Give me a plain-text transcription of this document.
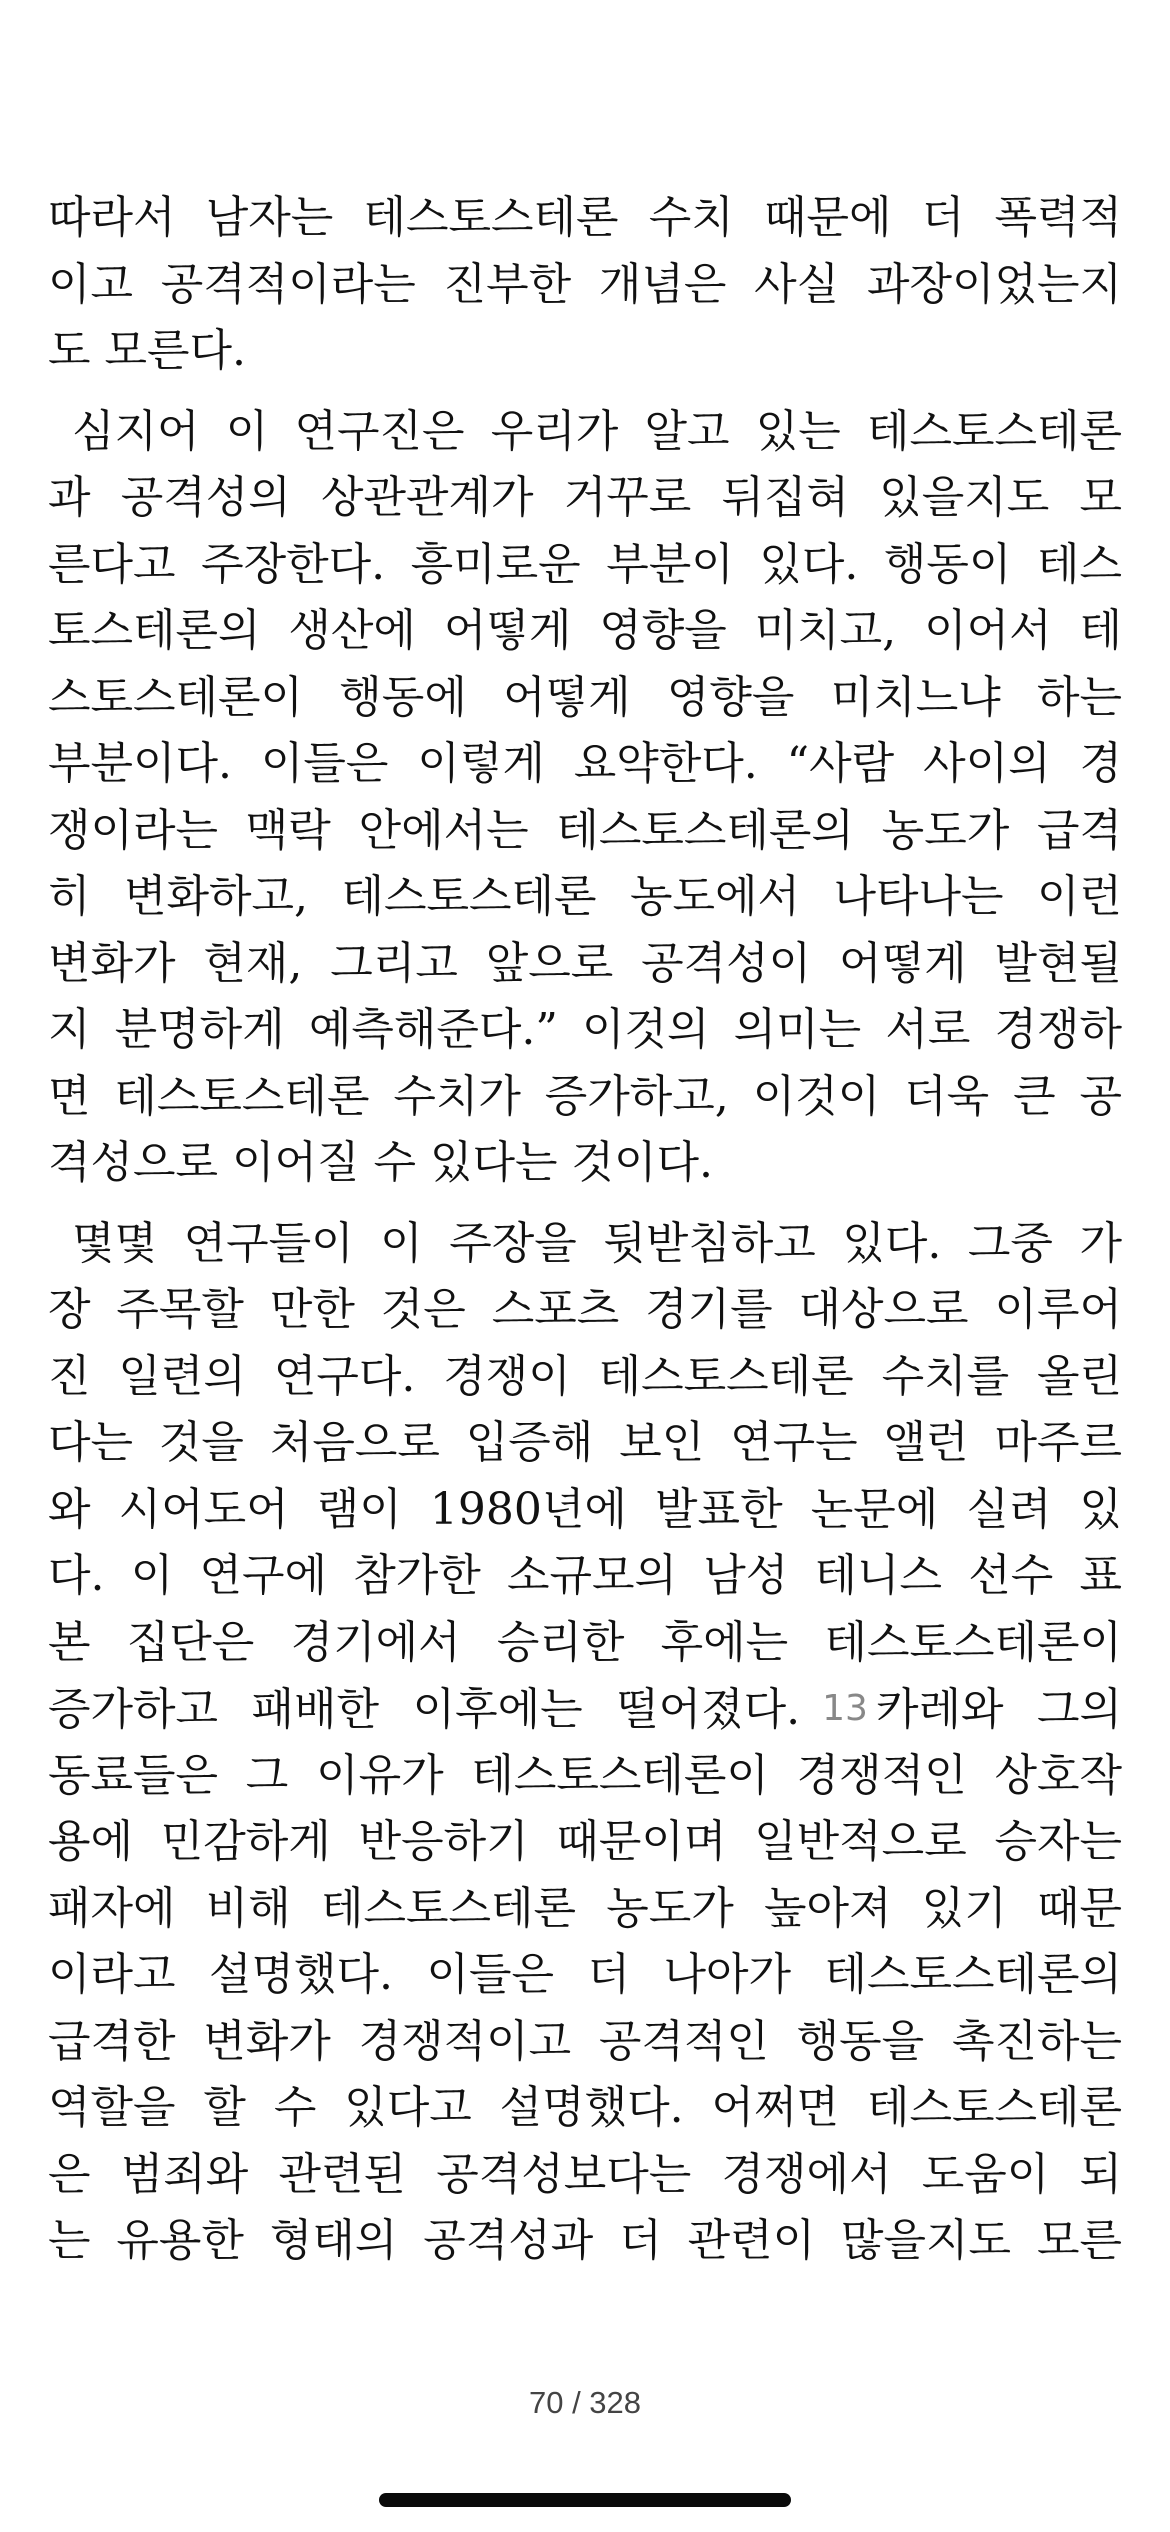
따라서 남자는 테스토스테론 수치 때문에 더 폭력적
이고 공격적이라는 진부한 개념은 사실 과장이었는지
도 모른다.
심지어 이 연구진은 우리가 알고 있는 테스토스테론
과 공격성의 상관관계가 거꾸로 뒤집혀 있을지도 모
른다고 주장한다. 흥미로운 부분이 있다. 행동이 테스
토스테론의 생산에 어떻게 영향을 미치고, 이어서 테
스토스테론이 행동에 어떻게 영향을 미치느냐 하는
부분이다. 이들은 이렇게 요약한다. “사람 사이의 경
쟁이라는 맥락 안에서는 테스토스테론의 농도가 급격
히 변화하고, 테스토스테론 농도에서 나타나는 이런
변화가 현재, 그리고 앞으로 공격성이 어떻게 발현될
지 분명하게 예측해준다.” 이것의 의미는 서로 경쟁하
면 테스토스테론 수치가 증가하고, 이것이 더욱 큰 공
격성으로 이어질 수 있다는 것이다.
몇몇 연구들이 이 주장을 뒷받침하고 있다. 그중 가
장 주목할 만한 것은 스포츠 경기를 대상으로 이루어
진 일련의 연구다. 경쟁이 테스토스테론 수치를 올린
다는 것을 처음으로 입증해 보인 연구는 앨런 마주르
와 시어도어 램이 1980년에 발표한 논문에 실려 있
다. 이 연구에 참가한 소규모의 남성 테니스 선수 표
본 집단은 경기에서 승리한 후에는 테스토스테론이
증가하고 패배한 이후에는 떨어졌다. 13 카레와 그의
동료들은 그 이유가 테스토스테론이 경쟁적인 상호작
용에 민감하게 반응하기 때문이며 일반적으로 승자는
패자에 비해 테스토스테론 농도가 높아져 있기 때문
이라고 설명했다. 이들은 더 나아가 테스토스테론의
급격한 변화가 경쟁적이고 공격적인 행동을 촉진하는
역할을 할 수 있다고 설명했다. 어쩌면 테스토스테론
은 범죄와 관련된 공격성보다는 경쟁에서 도움이 되
는 유용한 형태의 공격성과 더 관련이 많을지도 모른
70 / 328
